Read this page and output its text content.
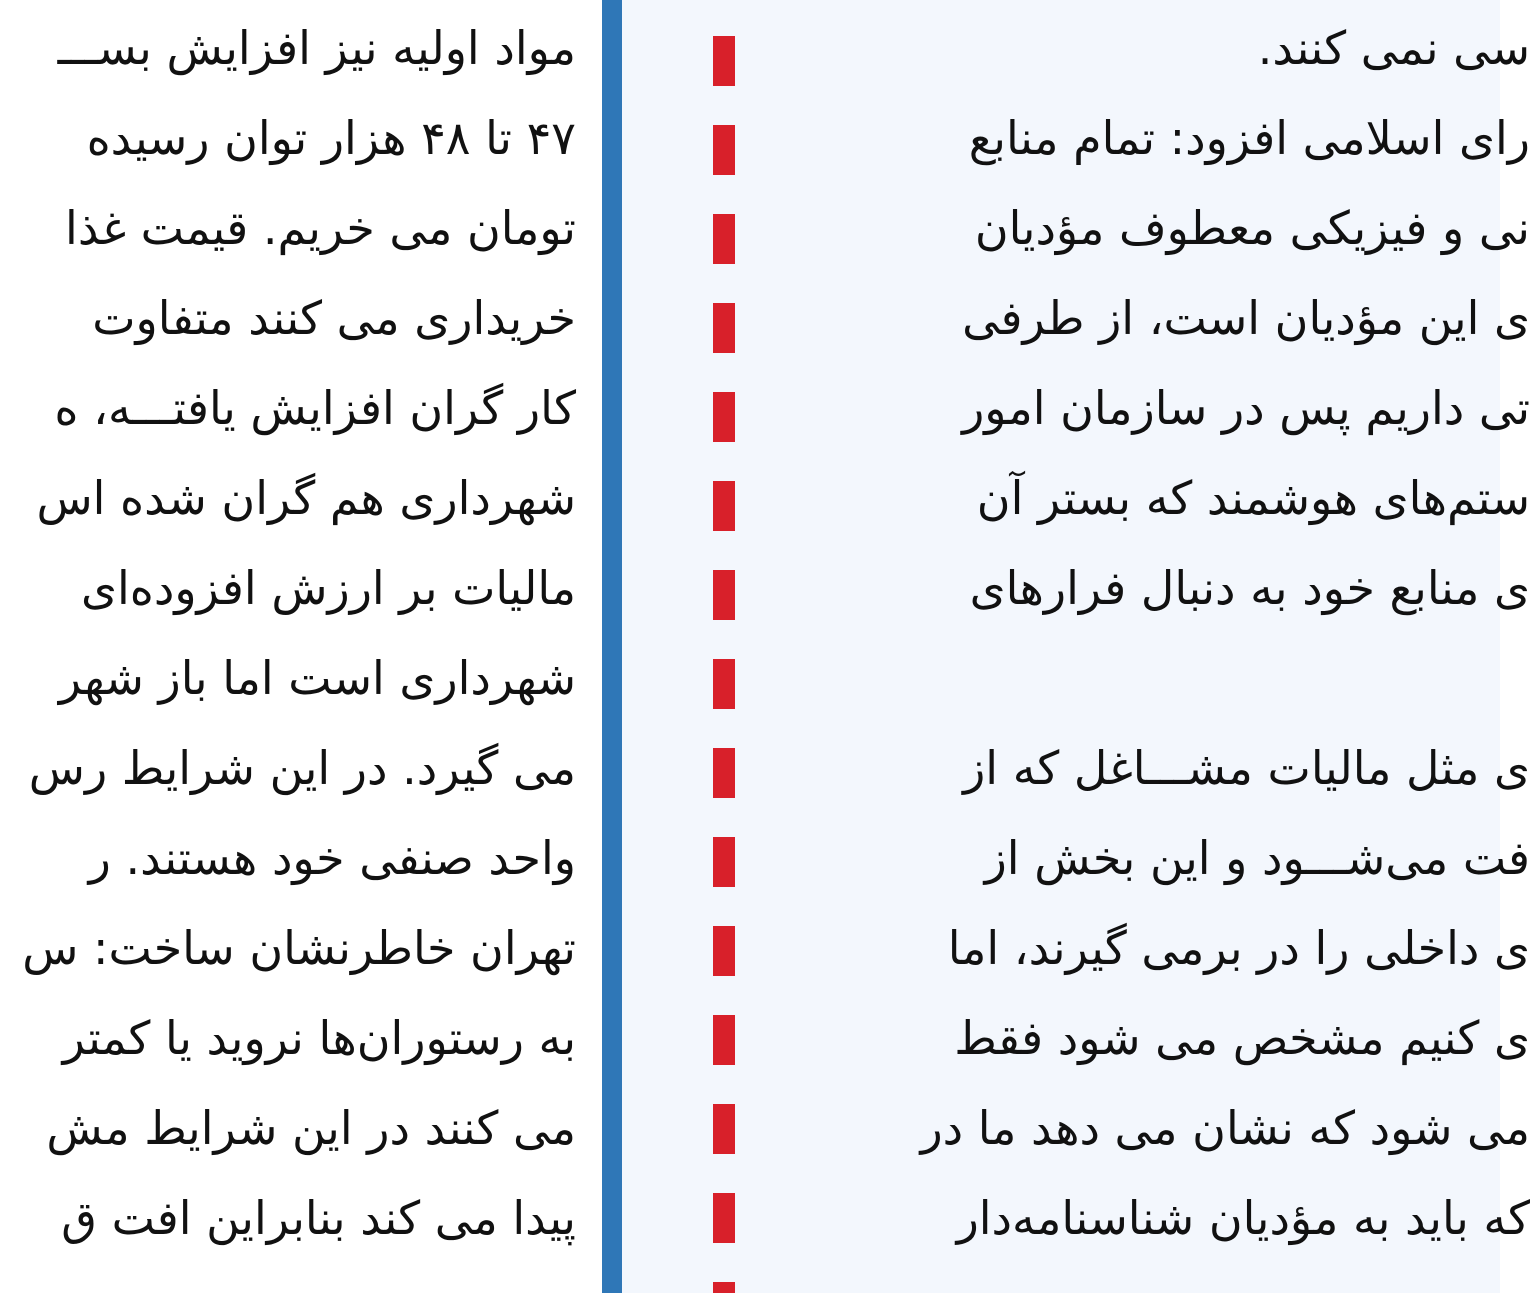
مواد اولیه نیز افزایش بســـ
۴۷ تا ۴۸ هزار توان رسیده
تومان می خریم. قیمت غذا
خریداری می کنند متفاوت
کار گران افزایش یافتـــه، ه
شهرداری هم گران شده اس
مالیات بر ارزش افزوده‌ای
شهرداری است اما باز شهر
می گیرد. در این شرایط رس
واحد صنفی خود هستند. ر
تهران خاطرنشان ساخت: س
به رستوران‌ها نروید یا کمتر
می کنند در این شرایط مش
پیدا می کند بنابراین افت ق
سی نمی کنند.
رای اسلامی افزود: تمام منابع
نی و فیزیکی معطوف مؤدیان
ی این مؤدیان است، از طرفی
تی داریم پس در سازمان امور
ستم‌های هوشمند که بستر آن
ی منابع خود به دنبال فرارهای
ی مثل مالیات مشـــاغل که از
فت می‌شـــود و این بخش از
ی داخلی را در برمی گیرند، اما
ی کنیم مشخص می شود فقط
می شود که نشان می دهد ما در
که باید به مؤدیان شناسنامه‌دار
